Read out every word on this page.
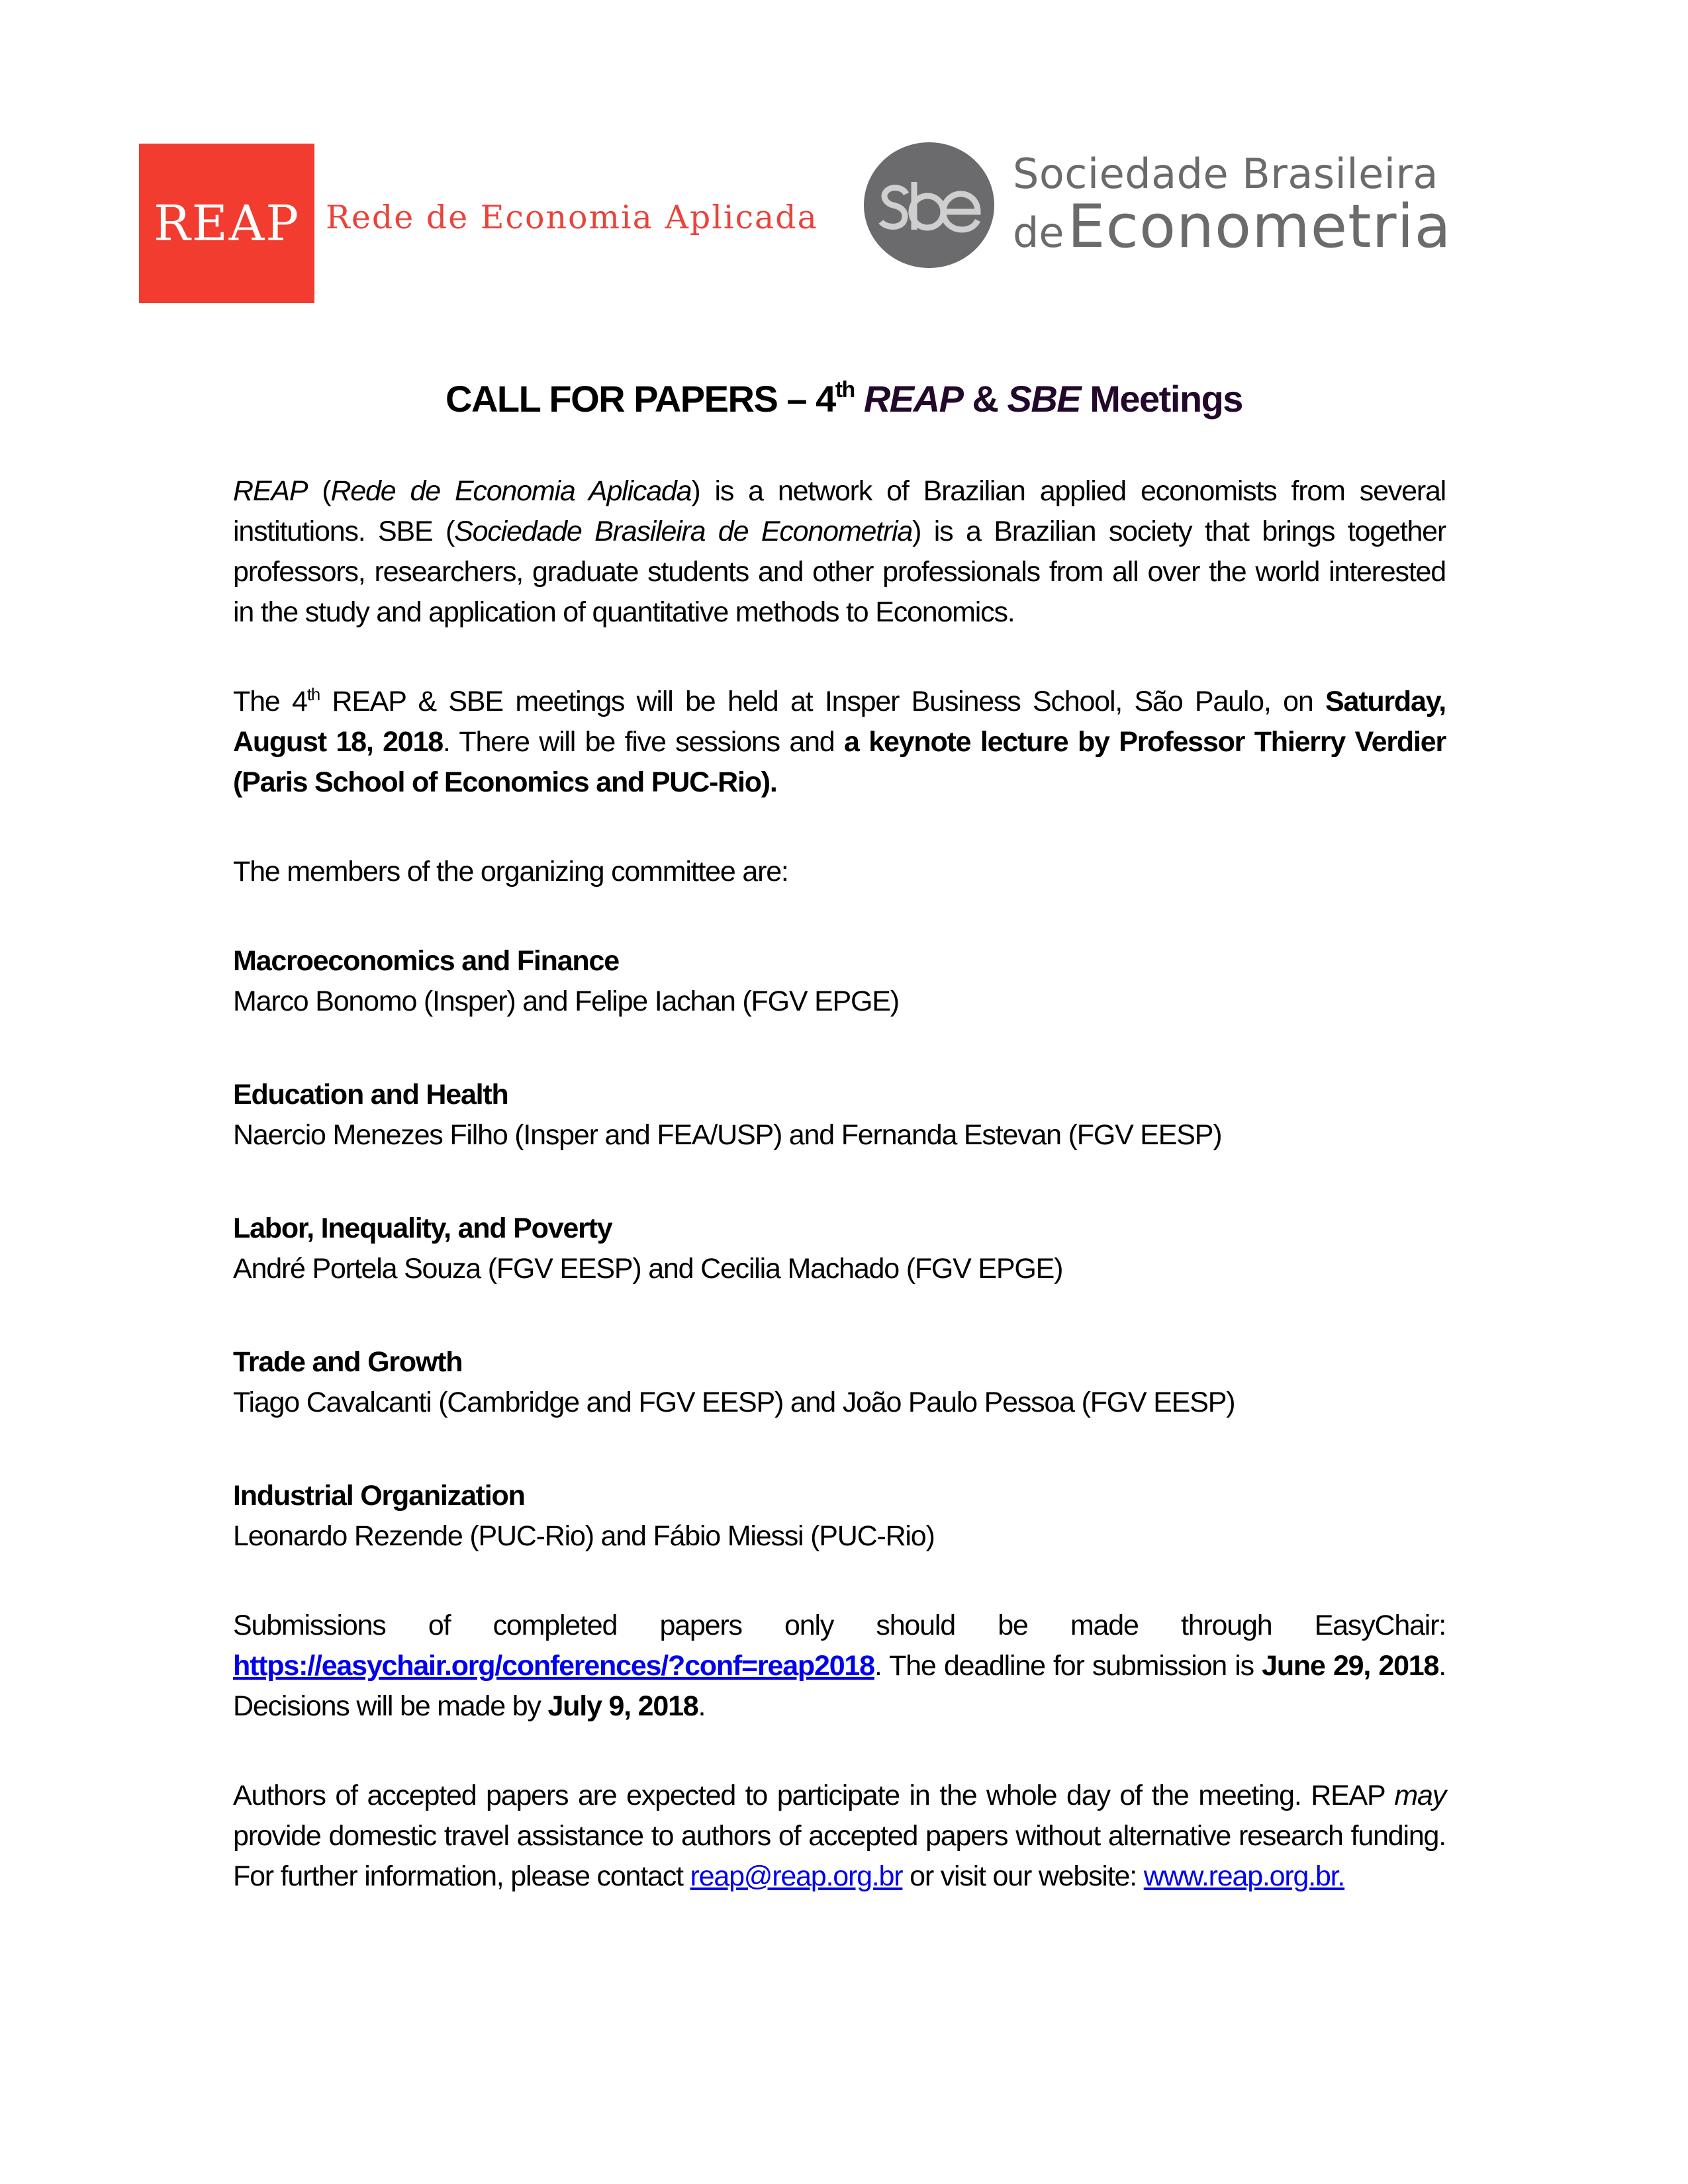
REAP Rede de Economia Aplicada
Sociedade Brasileira
de Econometria
CALL FOR PAPERS – 4th REAP & SBE Meetings

REAP (Rede de Economia Aplicada) is a network of Brazilian applied economists from several institutions. SBE (Sociedade Brasileira de Econometria) is a Brazilian society that brings together professors, researchers, graduate students and other professionals from all over the world interested in the study and application of quantitative methods to Economics.

The 4th REAP & SBE meetings will be held at Insper Business School, São Paulo, on Saturday, August 18, 2018. There will be five sessions and a keynote lecture by Professor Thierry Verdier (Paris School of Economics and PUC-Rio).

The members of the organizing committee are:

Macroeconomics and Finance
Marco Bonomo (Insper) and Felipe Iachan (FGV EPGE)
Education and Health
Naercio Menezes Filho (Insper and FEA/USP) and Fernanda Estevan (FGV EESP)
Labor, Inequality, and Poverty
André Portela Souza (FGV EESP) and Cecilia Machado (FGV EPGE)
Trade and Growth
Tiago Cavalcanti (Cambridge and FGV EESP) and João Paulo Pessoa (FGV EESP)
Industrial Organization
Leonardo Rezende (PUC-Rio) and Fábio Miessi (PUC-Rio)

Submissions of completed papers only should be made through EasyChair: https://easychair.org/conferences/?conf=reap2018. The deadline for submission is June 29, 2018. Decisions will be made by July 9, 2018.

Authors of accepted papers are expected to participate in the whole day of the meeting. REAP may provide domestic travel assistance to authors of accepted papers without alternative research funding.  For further information, please contact reap@reap.org.br or visit our website: www.reap.org.br.
